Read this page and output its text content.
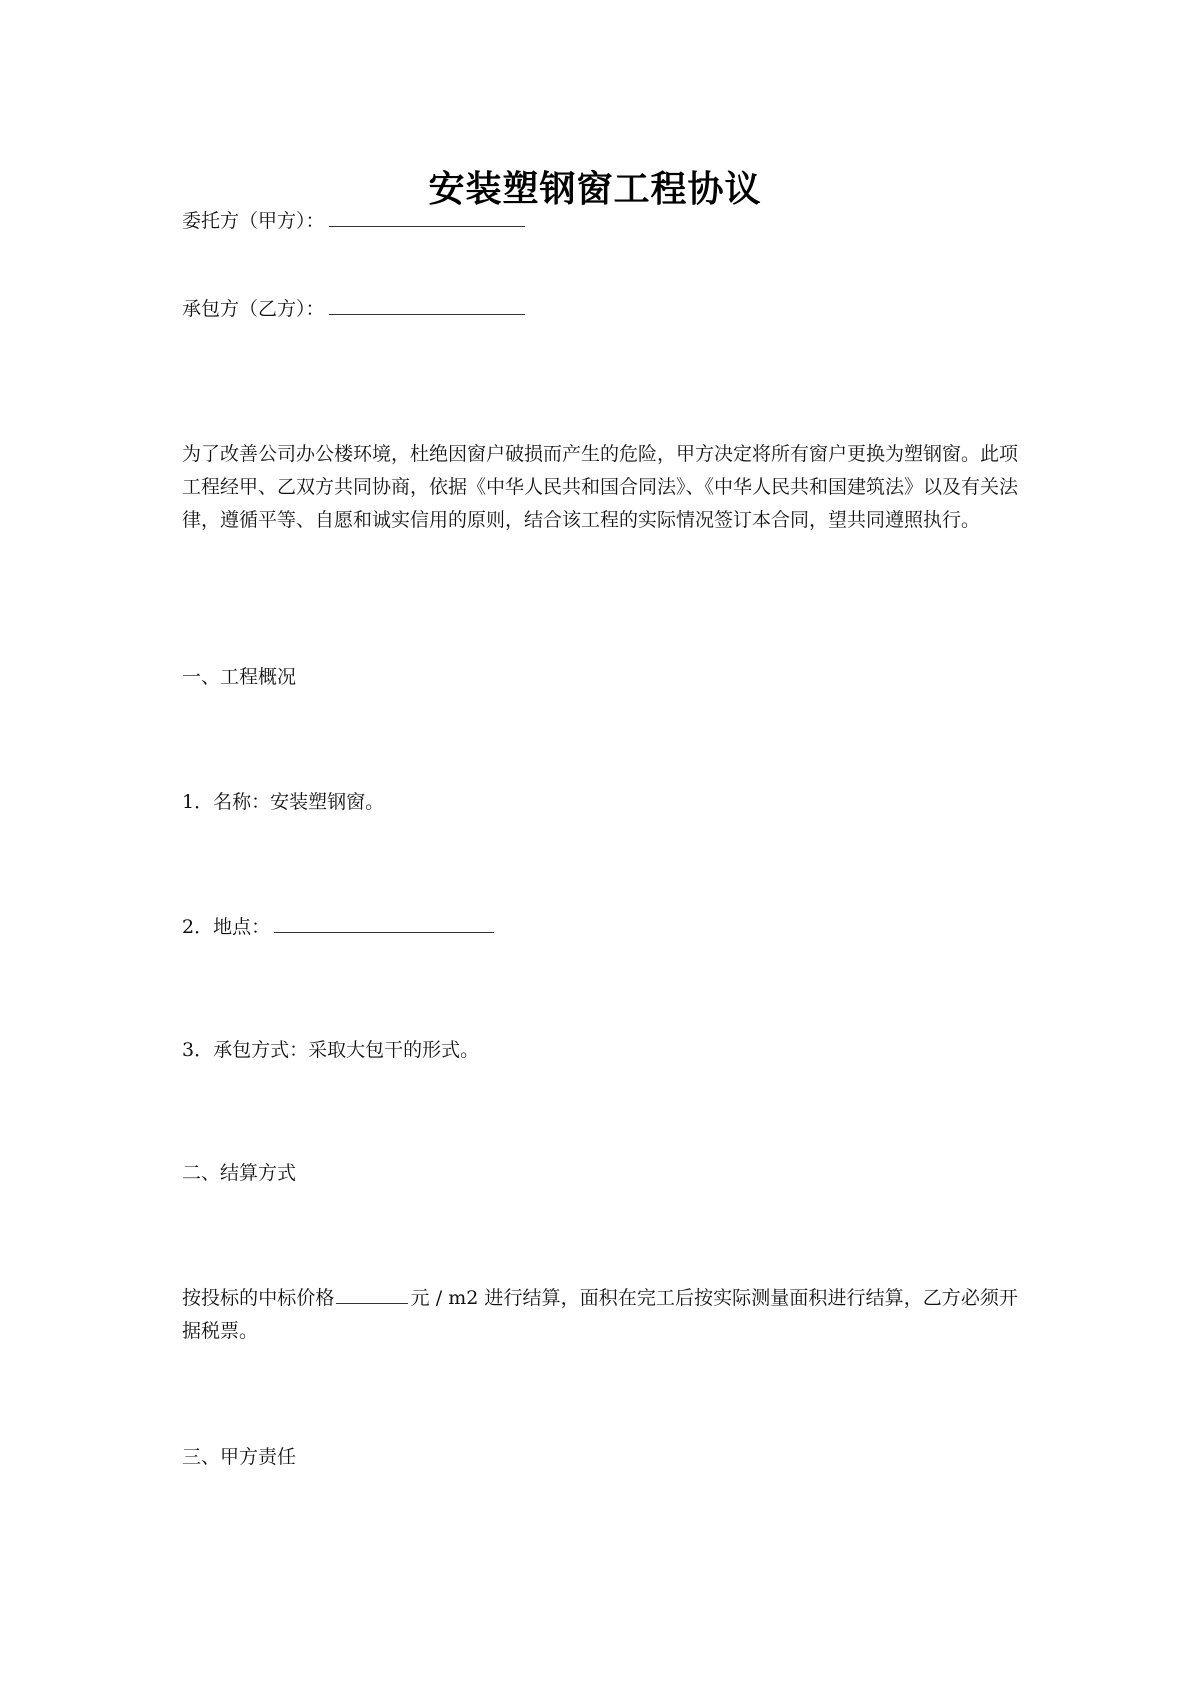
安装塑钢窗工程协议
委托方（甲方）：
承包方（乙方）：
为了改善公司办公楼环境，杜绝因窗户破损而产生的危险，甲方决定将所有窗户更换为塑钢窗。此项工程经甲、乙双方共同协商，依据《中华人民共和国合同法》、《中华人民共和国建筑法》以及有关法律，遵循平等、自愿和诚实信用的原则，结合该工程的实际情况签订本合同，望共同遵照执行。
一、工程概况
1．名称：安装塑钢窗。
2．地点：
3．承包方式：采取大包干的形式。
二、结算方式
按投标的中标价格	元 / m2 进行结算，面积在完工后按实际测量面积进行结算，乙方必须开据税票。
三、甲方责任
